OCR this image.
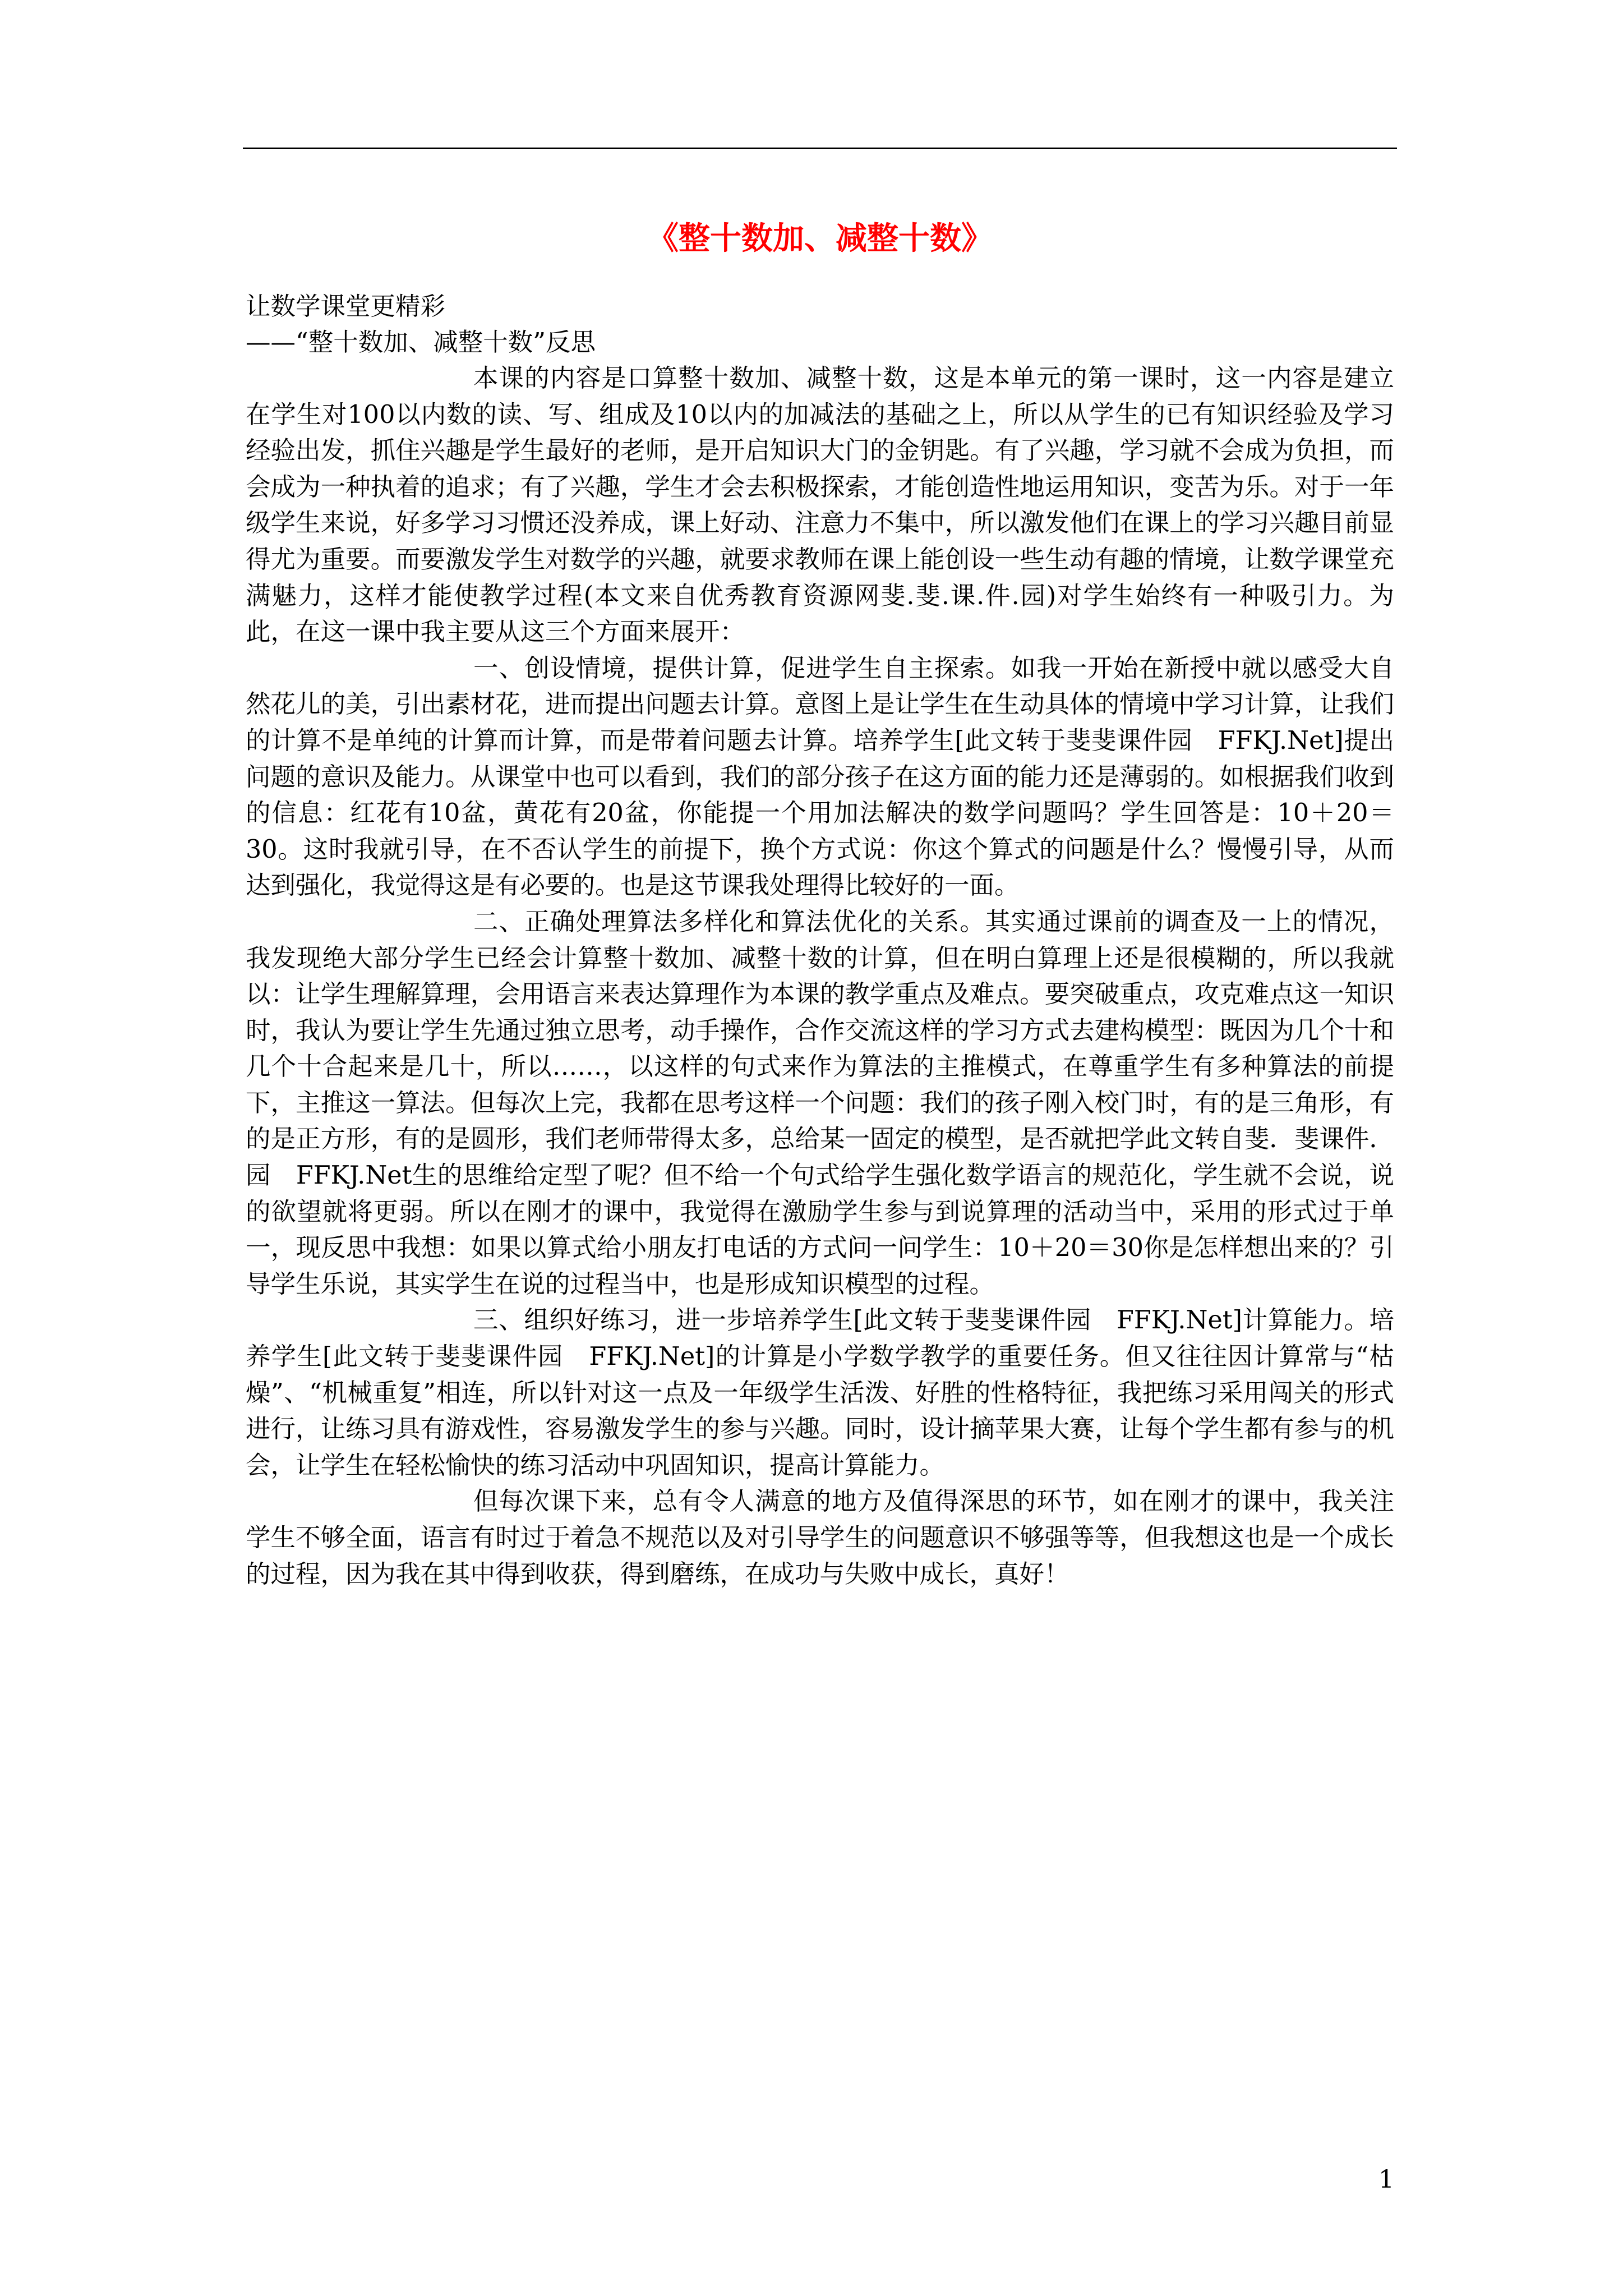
《整十数加、减整十数》

让数学课堂更精彩

——“整十数加、减整十数”反思

本课的内容是口算整十数加、减整十数，这是本单元的第一课时，这一内容是建立在学生对100以内数的读、写、组成及10以内的加减法的基础之上，所以从学生的已有知识经验及学习经验出发，抓住兴趣是学生最好的老师，是开启知识大门的金钥匙。有了兴趣，学习就不会成为负担，而会成为一种执着的追求；有了兴趣，学生才会去积极探索，才能创造性地运用知识，变苦为乐。对于一年级学生来说，好多学习习惯还没养成，课上好动、注意力不集中，所以激发他们在课上的学习兴趣目前显得尤为重要。而要激发学生对数学的兴趣，就要求教师在课上能创设一些生动有趣的情境，让数学课堂充满魅力，这样才能使教学过程(本文来自优秀教育资源网斐.斐.课.件.园)对学生始终有一种吸引力。为此，在这一课中我主要从这三个方面来展开：

一、创设情境，提供计算，促进学生自主探索。如我一开始在新授中就以感受大自然花儿的美，引出素材花，进而提出问题去计算。意图上是让学生在生动具体的情境中学习计算，让我们的计算不是单纯的计算而计算，而是带着问题去计算。培养学生[此文转于斐斐课件园　FFKJ.Net]提出问题的意识及能力。从课堂中也可以看到，我们的部分孩子在这方面的能力还是薄弱的。如根据我们收到的信息：红花有10盆，黄花有20盆，你能提一个用加法解决的数学问题吗？学生回答是：10＋20＝30。这时我就引导，在不否认学生的前提下，换个方式说：你这个算式的问题是什么？慢慢引导，从而达到强化，我觉得这是有必要的。也是这节课我处理得比较好的一面。

二、正确处理算法多样化和算法优化的关系。其实通过课前的调查及一上的情况，我发现绝大部分学生已经会计算整十数加、减整十数的计算，但在明白算理上还是很模糊的，所以我就以：让学生理解算理，会用语言来表达算理作为本课的教学重点及难点。要突破重点，攻克难点这一知识时，我认为要让学生先通过独立思考，动手操作，合作交流这样的学习方式去建构模型：既因为几个十和几个十合起来是几十，所以……，以这样的句式来作为算法的主推模式，在尊重学生有多种算法的前提下，主推这一算法。但每次上完，我都在思考这样一个问题：我们的孩子刚入校门时，有的是三角形，有的是正方形，有的是圆形，我们老师带得太多，总给某一固定的模型，是否就把学此文转自斐．斐课件．园　FFKJ.Net生的思维给定型了呢？但不给一个句式给学生强化数学语言的规范化，学生就不会说，说的欲望就将更弱。所以在刚才的课中，我觉得在激励学生参与到说算理的活动当中，采用的形式过于单一，现反思中我想：如果以算式给小朋友打电话的方式问一问学生：10＋20＝30你是怎样想出来的？引导学生乐说，其实学生在说的过程当中，也是形成知识模型的过程。

三、组织好练习，进一步培养学生[此文转于斐斐课件园　FFKJ.Net]计算能力。培养学生[此文转于斐斐课件园　FFKJ.Net]的计算是小学数学教学的重要任务。但又往往因计算常与“枯燥”、“机械重复”相连，所以针对这一点及一年级学生活泼、好胜的性格特征，我把练习采用闯关的形式进行，让练习具有游戏性，容易激发学生的参与兴趣。同时，设计摘苹果大赛，让每个学生都有参与的机会，让学生在轻松愉快的练习活动中巩固知识，提高计算能力。

但每次课下来，总有令人满意的地方及值得深思的环节，如在刚才的课中，我关注学生不够全面，语言有时过于着急不规范以及对引导学生的问题意识不够强等等，但我想这也是一个成长的过程，因为我在其中得到收获，得到磨练，在成功与失败中成长，真好！

1
